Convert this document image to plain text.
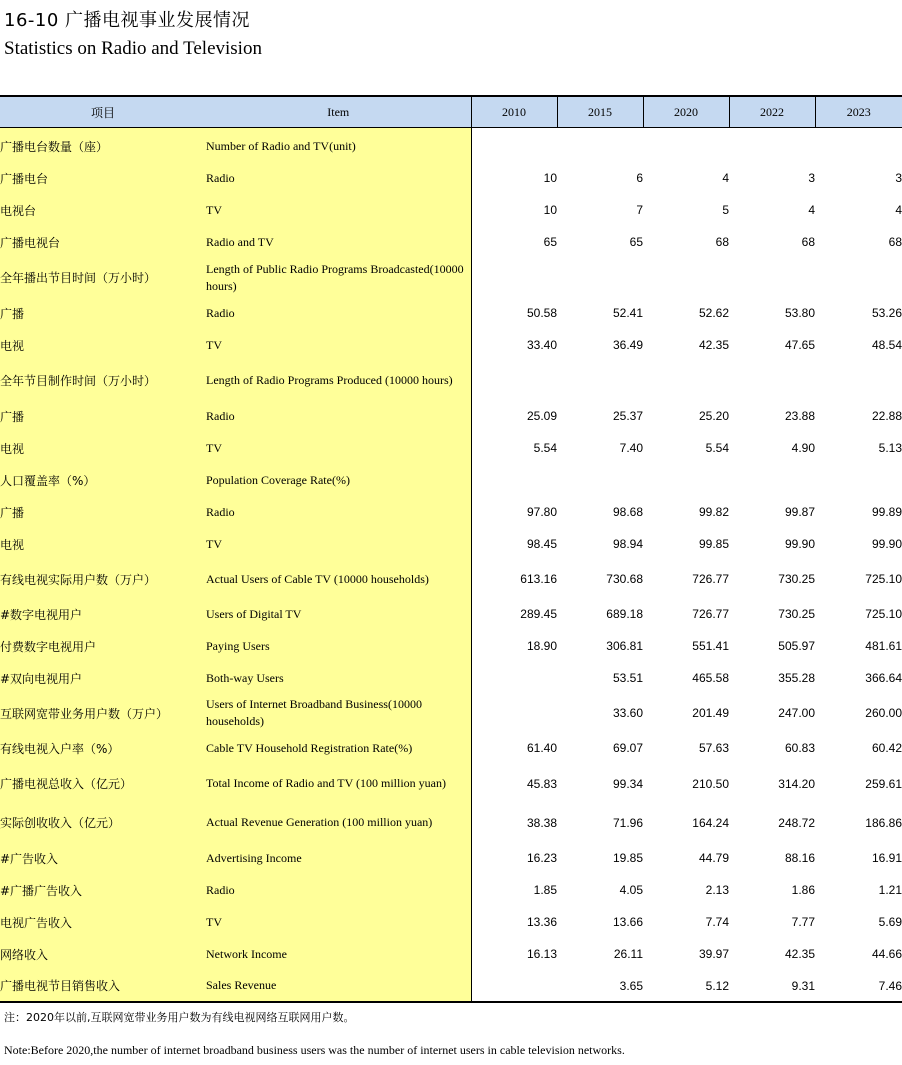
16-10 广播电视事业发展情况
Statistics on Radio and Television
项目	Item	2010	2015	2020	2022	2023

广播电台数量（座）	Number of Radio and TV(unit)					
广播电台	Radio	10	6	4	3	3
电视台	TV	10	7	5	4	4
广播电视台	Radio and TV	65	65	68	68	68
全年播出节目时间（万小时）	Length of Public Radio Programs Broadcasted(10000 hours)					
广播	Radio	50.58	52.41	52.62	53.80	53.26
电视	TV	33.40	36.49	42.35	47.65	48.54
全年节目制作时间（万小时）	Length of Radio Programs Produced (10000 hours)					
广播	Radio	25.09	25.37	25.20	23.88	22.88
电视	TV	5.54	7.40	5.54	4.90	5.13
人口覆盖率（%）	Population Coverage Rate(%)					
广播	Radio	97.80	98.68	99.82	99.87	99.89
电视	TV	98.45	98.94	99.85	99.90	99.90
有线电视实际用户数（万户）	Actual Users of Cable TV (10000 households)	613.16	730.68	726.77	730.25	725.10
#数字电视用户	Users of Digital TV	289.45	689.18	726.77	730.25	725.10
付费数字电视用户	Paying Users	18.90	306.81	551.41	505.97	481.61
#双向电视用户	Both-way Users		53.51	465.58	355.28	366.64
互联网宽带业务用户数（万户）	Users of Internet Broadband Business(10000 households)		33.60	201.49	247.00	260.00
有线电视入户率（%）	Cable TV Household Registration Rate(%)	61.40	69.07	57.63	60.83	60.42
广播电视总收入（亿元）	Total Income of Radio and TV (100 million yuan)	45.83	99.34	210.50	314.20	259.61
实际创收收入（亿元）	Actual Revenue Generation (100 million yuan)	38.38	71.96	164.24	248.72	186.86
#广告收入	Advertising Income	16.23	19.85	44.79	88.16	16.91
#广播广告收入	Radio	1.85	4.05	2.13	1.86	1.21
电视广告收入	TV	13.36	13.66	7.74	7.77	5.69
网络收入	Network Income	16.13	26.11	39.97	42.35	44.66
广播电视节目销售收入	Sales Revenue		3.65	5.12	9.31	7.46
注：2020年以前,互联网宽带业务用户数为有线电视网络互联网用户数。
Note:Before 2020,the number of internet broadband business users was the number of internet users in cable television networks.
